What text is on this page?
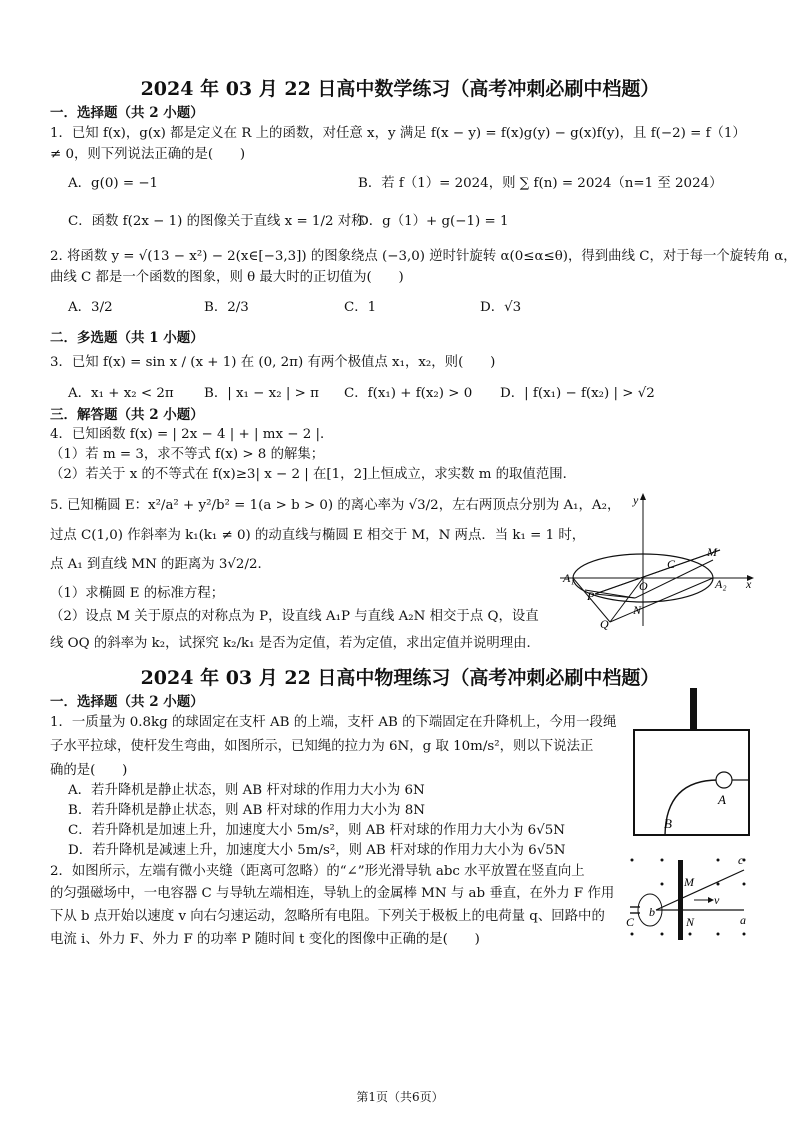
2024 年 03 月 22 日高中数学练习（高考冲刺必刷中档题）
一．选择题（共 2 小题）
1．已知 f(x)，g(x) 都是定义在 R 上的函数，对任意 x，y 满足 f(x − y) = f(x)g(y) − g(x)f(y)，且 f(−2) = f（1）
≠ 0，则下列说法正确的是(　　)
A．g(0) = −1	B．若 f（1）= 2024，则 ∑ f(n) = 2024（n=1 至 2024）
C．函数 f(2x − 1) 的图像关于直线 x = 1/2 对称
D．g（1）+ g(−1) = 1
2. 将函数 y = √(13 − x²) − 2(x∈[−3,3]) 的图象绕点 (−3,0) 逆时针旋转 α(0≤α≤θ)，得到曲线 C，对于每一个旋转角 α，
曲线 C 都是一个函数的图象，则 θ 最大时的正切值为(　　)
A．3/2	B．2/3	C．1	D．√3
二．多选题（共 1 小题）
3．已知 f(x) = sin x / (x + 1) 在 (0, 2π) 有两个极值点 x₁，x₂，则(　　)
A．x₁ + x₂ < 2π B．| x₁ − x₂ | > π C．f(x₁) + f(x₂) > 0 D．| f(x₁) − f(x₂) | > √2
三．解答题（共 2 小题）
4．已知函数 f(x) = | 2x − 4 | + | mx − 2 |．
（1）若 m = 3，求不等式 f(x) > 8 的解集；
（2）若关于 x 的不等式在 f(x)≥3| x − 2 | 在[1，2]上恒成立，求实数 m 的取值范围．
5. 已知椭圆 E：x²/a² + y²/b² = 1(a > b > 0) 的离心率为 √3/2，左右两顶点分别为 A₁，A₂，
过点 C(1,0) 作斜率为 k₁(k₁ ≠ 0) 的动直线与椭圆 E 相交于 M，N 两点．当 k₁ = 1 时，
点 A₁ 到直线 MN 的距离为 3√2/2．
（1）求椭圆 E 的标准方程；
（2）设点 M 关于原点的对称点为 P，设直线 A₁P 与直线 A₂N 相交于点 Q，设直
线 OQ 的斜率为 k₂，试探究 k₂/k₁ 是否为定值，若为定值，求出定值并说明理由．
y
x
O
A₁	A₂
C
M
N
P
Q
2024 年 03 月 22 日高中物理练习（高考冲刺必刷中档题）
一．选择题（共 2 小题）
1．一质量为 0.8kg 的球固定在支杆 AB 的上端，支杆 AB 的下端固定在升降机上，今用一段绳
子水平拉球，使杆发生弯曲，如图所示，已知绳的拉力为 6N，g 取 10m/s²，则以下说法正
确的是(　　)
A．若升降机是静止状态，则 AB 杆对球的作用力大小为 6N
B．若升降机是静止状态，则 AB 杆对球的作用力大小为 8N
C．若升降机是加速上升，加速度大小 5m/s²，则 AB 杆对球的作用力大小为 6√5N
D．若升降机是减速上升，加速度大小 5m/s²，则 AB 杆对球的作用力大小为 6√5N
2．如图所示，左端有微小夹缝（距离可忽略）的“∠”形光滑导轨 abc 水平放置在竖直向上
的匀强磁场中，一电容器 C 与导轨左端相连，导轨上的金属棒 MN 与 ab 垂直，在外力 F 作用
下从 b 点开始以速度 v 向右匀速运动，忽略所有电阻。下列关于极板上的电荷量 q、回路中的
电流 i、外力 F、外力 F 的功率 P 随时间 t 变化的图像中正确的是(　　)
A
B
c
a
b
C
M
N
v
第1页（共6页）
